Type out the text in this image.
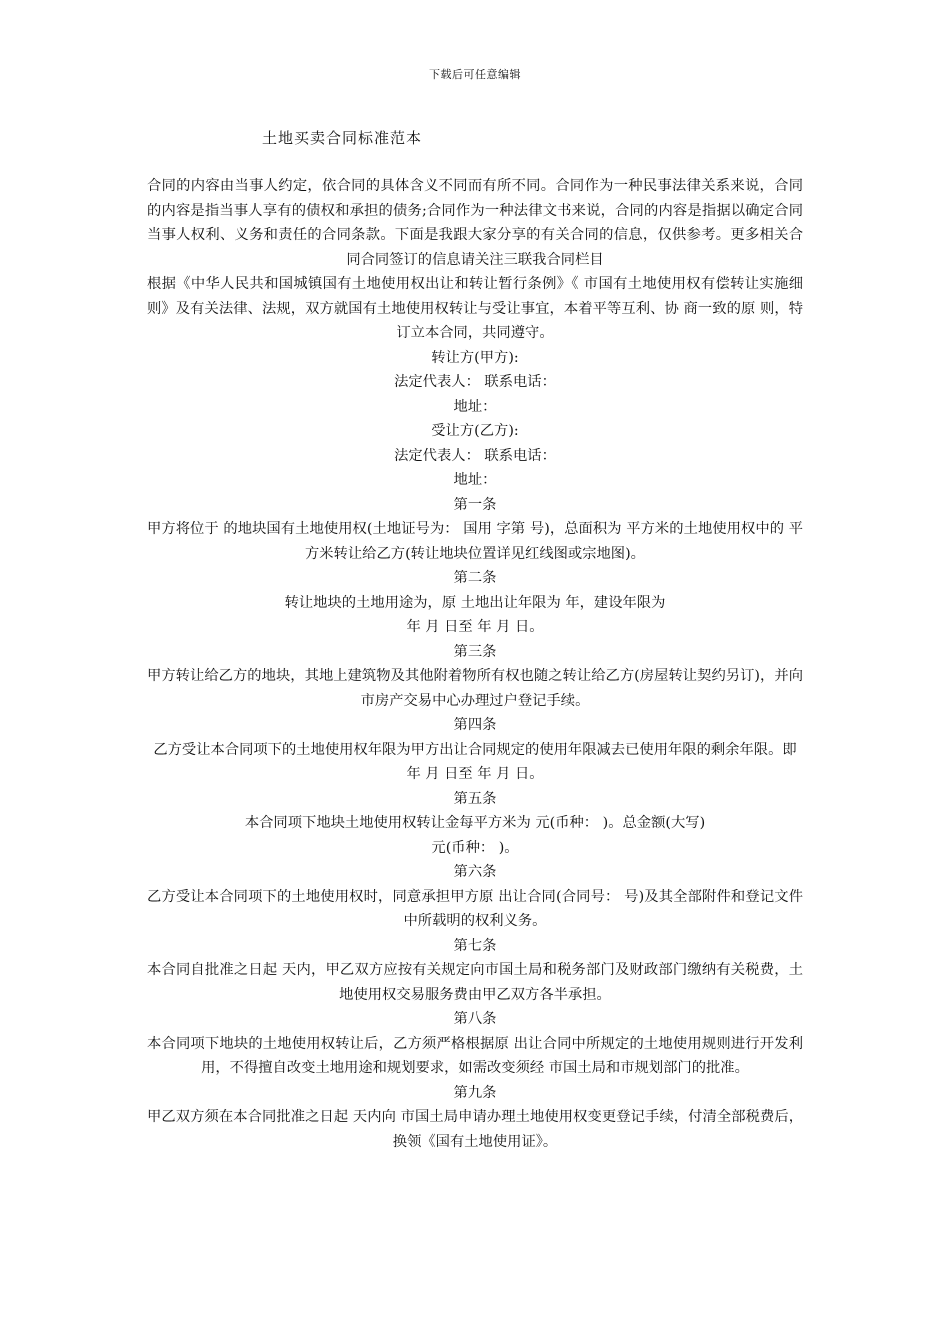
下载后可任意编辑
土地买卖合同标准范本

合同的内容由当事人约定，依合同的具体含义不同而有所不同。合同作为一种民事法律关系来说，合同的内容是指当事人享有的债权和承担的债务;合同作为一种法律文书来说，合同的内容是指据以确定合同当事人权利、义务和责任的合同条款。下面是我跟大家分享的有关合同的信息，仅供参考。更多相关合同合同签订的信息请关注三联我合同栏目

根据《中华人民共和国城镇国有土地使用权出让和转让暂行条例》《 市国有土地使用权有偿转让实施细则》及有关法律、法规，双方就国有土地使用权转让与受让事宜，本着平等互利、协 商一致的原 则，特订立本合同，共同遵守。

转让方(甲方):

法定代表人： 联系电话：

地址：

受让方(乙方):

法定代表人： 联系电话：

地址：

第一条

甲方将位于 的地块国有土地使用权(土地证号为： 国用 字第 号)，总面积为 平方米的土地使用权中的 平方米转让给乙方(转让地块位置详见红线图或宗地图)。

第二条

转让地块的土地用途为，原 土地出让年限为 年，建设年限为

年 月 日至 年 月 日。

第三条

甲方转让给乙方的地块，其地上建筑物及其他附着物所有权也随之转让给乙方(房屋转让契约另订)，并向 市房产交易中心办理过户登记手续。

第四条

乙方受让本合同项下的土地使用权年限为甲方出让合同规定的使用年限减去已使用年限的剩余年限。即

年 月 日至 年 月 日。

第五条

本合同项下地块土地使用权转让金每平方米为 元(币种： )。总金额(大写)

元(币种： )。

第六条

乙方受让本合同项下的土地使用权时，同意承担甲方原 出让合同(合同号： 号)及其全部附件和登记文件中所载明的权利义务。

第七条

本合同自批准之日起 天内，甲乙双方应按有关规定向市国土局和税务部门及财政部门缴纳有关税费，土地使用权交易服务费由甲乙双方各半承担。

第八条

本合同项下地块的土地使用权转让后，乙方须严格根据原 出让合同中所规定的土地使用规则进行开发利用，不得擅自改变土地用途和规划要求，如需改变须经 市国土局和市规划部门的批准。

第九条

甲乙双方须在本合同批准之日起 天内向 市国土局申请办理土地使用权变更登记手续，付清全部税费后，换领《国有土地使用证》。
